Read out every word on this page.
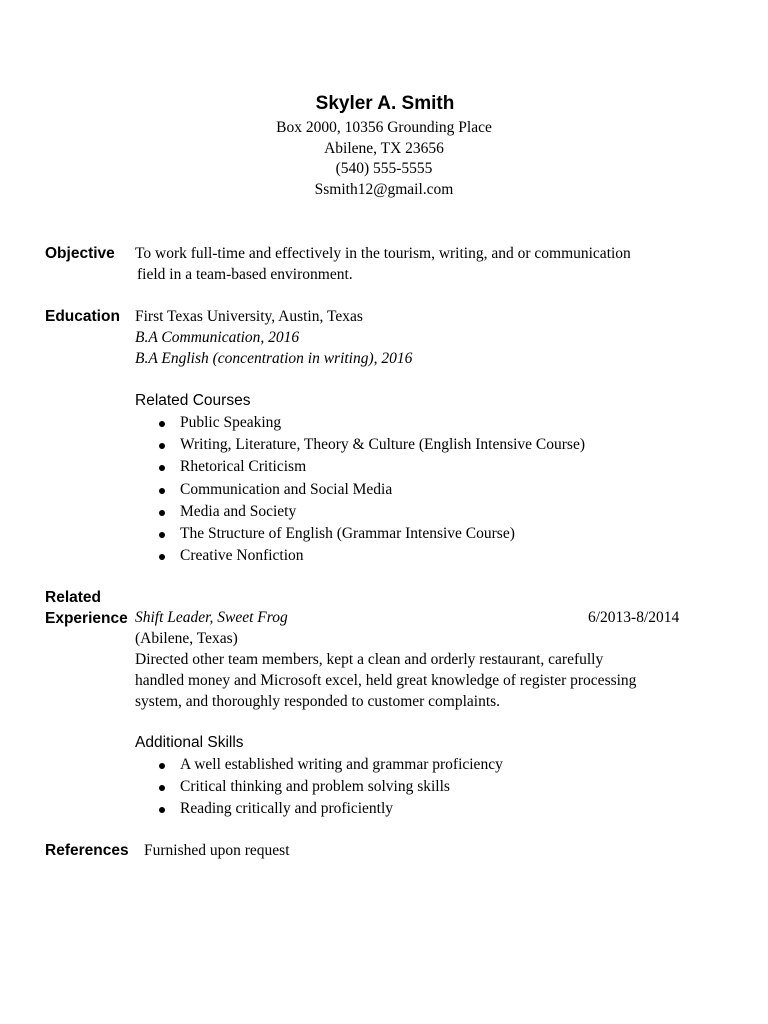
Skyler A. Smith
Box 2000, 10356 Grounding Place
Abilene, TX 23656
(540) 555-5555
Ssmith12@gmail.com
Objective To work full-time and effectively in the tourism, writing, and or communication
field in a team-based environment.
Education First Texas University, Austin, Texas
B.A Communication, 2016
B.A English (concentration in writing), 2016
Related Courses
Public Speaking
Writing, Literature, Theory & Culture (English Intensive Course)
Rhetorical Criticism
Communication and Social Media
Media and Society
The Structure of English (Grammar Intensive Course)
Creative Nonfiction
Related
Experience Shift Leader, Sweet Frog
(Abilene, Texas)
Directed other team members, kept a clean and orderly restaurant, carefully
handled money and Microsoft excel, held great knowledge of register processing
system, and thoroughly responded to customer complaints.
6/2013-8/2014
Additional Skills
A well established writing and grammar proficiency
Critical thinking and problem solving skills
Reading critically and proficiently
References Furnished upon request
